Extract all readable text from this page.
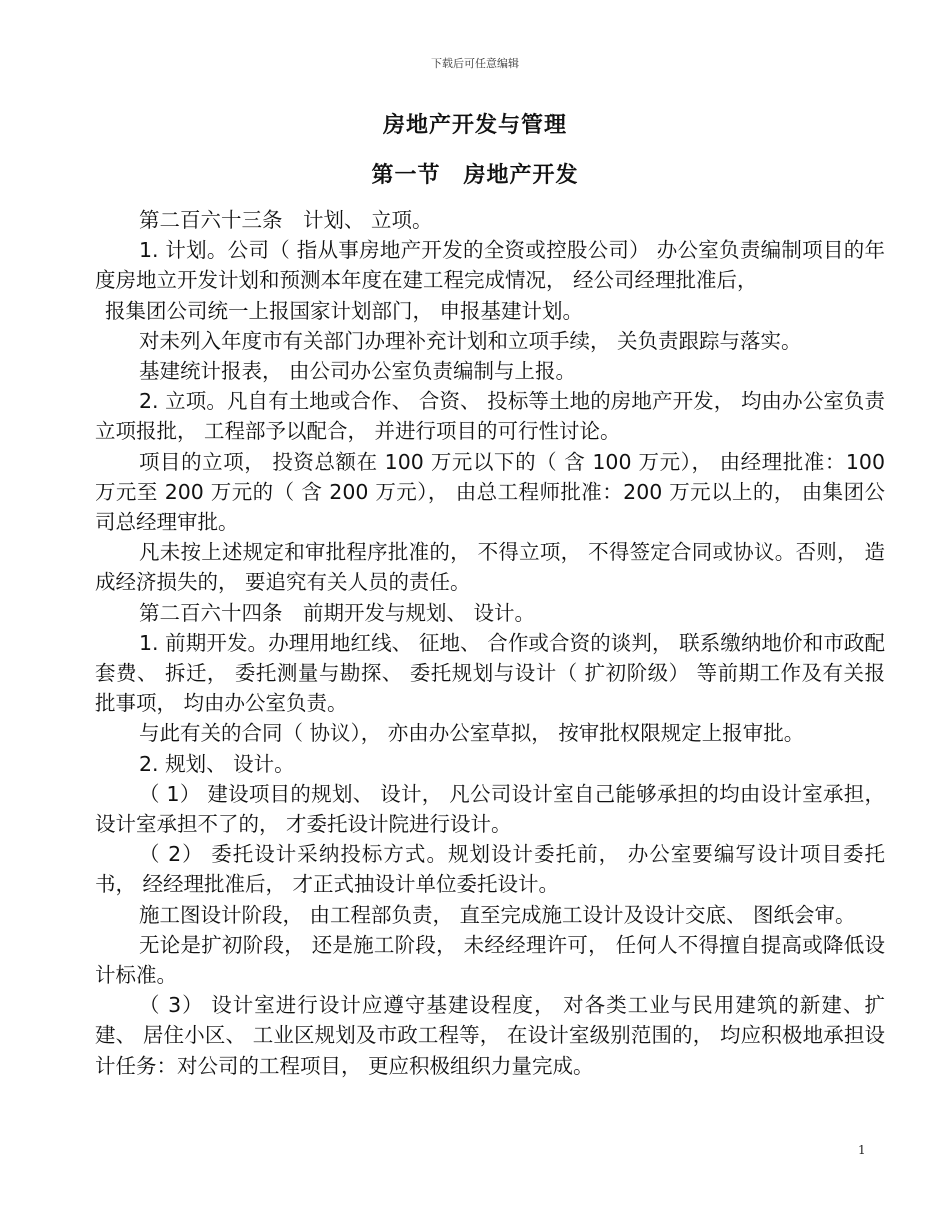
下载后可任意编辑
房地产开发与管理
第一节　房地产开发

第二百六十三条　计划、 立项。

1. 计划。公司（ 指从事房地产开发的全资或控股公司） 办公室负责编制项目的年度房地立开发计划和预测本年度在建工程完成情况， 经公司经理批准后，

报集团公司统一上报国家计划部门， 申报基建计划。

对未列入年度市有关部门办理补充计划和立项手续， 关负责跟踪与落实。

基建统计报表， 由公司办公室负责编制与上报。

2. 立项。凡自有土地或合作、 合资、 投标等土地的房地产开发， 均由办公室负责立项报批， 工程部予以配合， 并进行项目的可行性讨论。

项目的立项， 投资总额在 100 万元以下的（ 含 100 万元）， 由经理批准：100 万元至 200 万元的（ 含 200 万元）， 由总工程师批准：200 万元以上的， 由集团公司总经理审批。

凡未按上述规定和审批程序批准的， 不得立项， 不得签定合同或协议。否则， 造成经济损失的， 要追究有关人员的责任。

第二百六十四条　前期开发与规划、 设计。

1. 前期开发。办理用地红线、 征地、 合作或合资的谈判， 联系缴纳地价和市政配套费、 拆迁， 委托测量与勘探、 委托规划与设计（ 扩初阶级） 等前期工作及有关报批事项， 均由办公室负责。

与此有关的合同（ 协议）， 亦由办公室草拟， 按审批权限规定上报审批。

2. 规划、 设计。

（ 1） 建设项目的规划、 设计， 凡公司设计室自己能够承担的均由设计室承担， 设计室承担不了的， 才委托设计院进行设计。

（ 2） 委托设计采纳投标方式。规划设计委托前， 办公室要编写设计项目委托书， 经经理批准后， 才正式抽设计单位委托设计。

施工图设计阶段， 由工程部负责， 直至完成施工设计及设计交底、 图纸会审。

无论是扩初阶段， 还是施工阶段， 未经经理许可， 任何人不得擅自提高或降低设计标准。

（ 3） 设计室进行设计应遵守基建设程度， 对各类工业与民用建筑的新建、扩建、 居住小区、 工业区规划及市政工程等， 在设计室级别范围的， 均应积极地承担设计任务：对公司的工程项目， 更应积极组织力量完成。

1
